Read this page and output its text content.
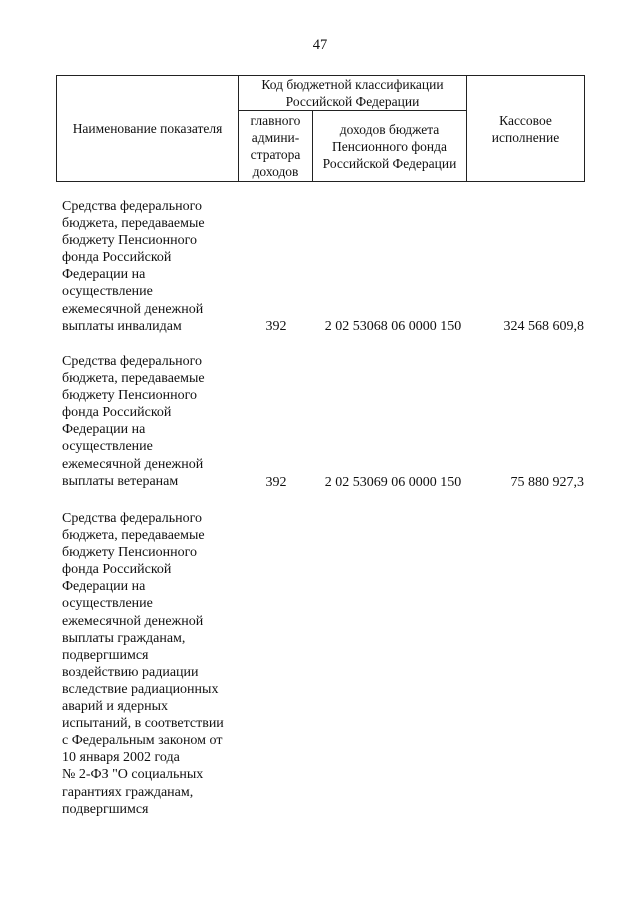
47
Наименование показателя	Код бюджетной классификации Российской Федерации		Кассовое исполнение
	главного админи-стратора доходов	доходов бюджета Пенсионного фонда Российской Федерации	
Средства федерального
бюджета, передаваемые
бюджету Пенсионного
фонда Российской
Федерации на
осуществление
ежемесячной денежной
выплаты инвалидам	392	2 02 53068 06 0000 150	324 568 609,8
Средства федерального
бюджета, передаваемые
бюджету Пенсионного
фонда Российской
Федерации на
осуществление
ежемесячной денежной
выплаты ветеранам	392	2 02 53069 06 0000 150	75 880 927,3
Средства федерального
бюджета, передаваемые
бюджету Пенсионного
фонда Российской
Федерации на
осуществление
ежемесячной денежной
выплаты гражданам,
подвергшимся
воздействию радиации
вследствие радиационных
аварий и ядерных
испытаний, в соответствии
с Федеральным законом от
10 января 2002 года
№ 2-ФЗ "О социальных
гарантиях гражданам,
подвергшимся
